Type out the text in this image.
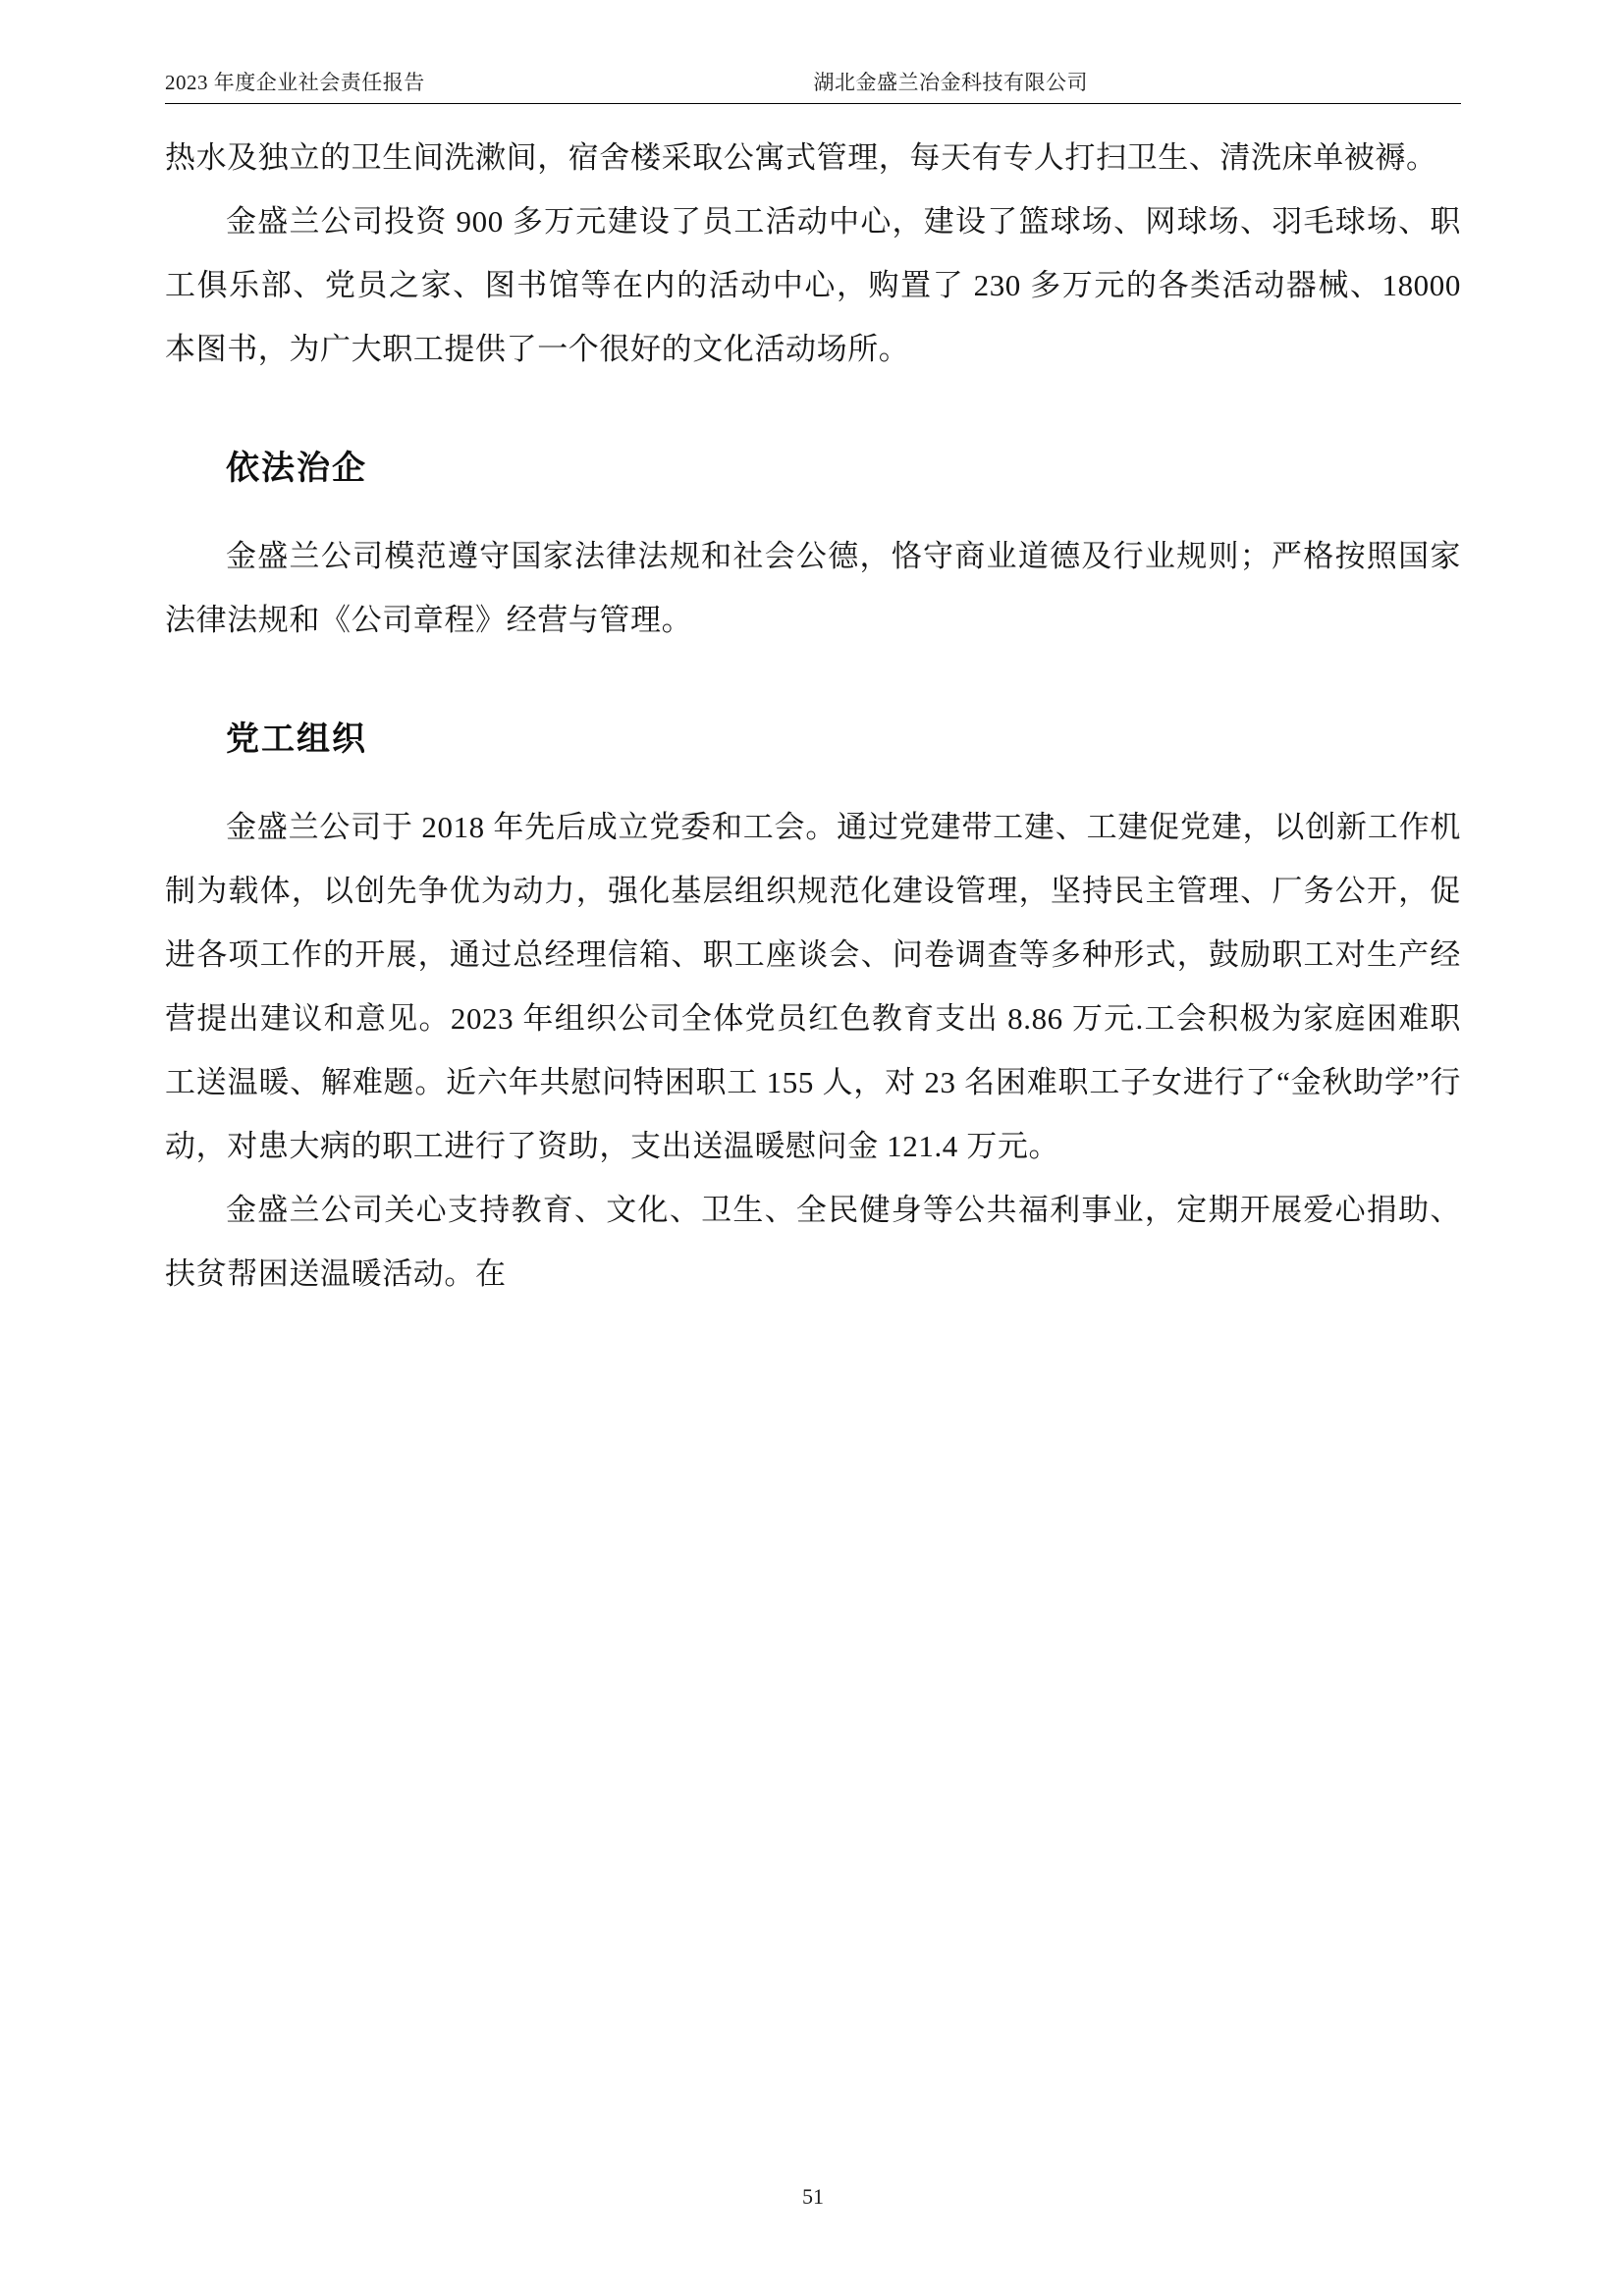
2023 年度企业社会责任报告	湖北金盛兰冶金科技有限公司

热水及独立的卫生间洗漱间，宿舍楼采取公寓式管理，每天有专人打扫卫生、清洗床单被褥。

金盛兰公司投资 900 多万元建设了员工活动中心，建设了篮球场、网球场、羽毛球场、职工俱乐部、党员之家、图书馆等在内的活动中心，购置了 230 多万元的各类活动器械、18000 本图书，为广大职工提供了一个很好的文化活动场所。

依法治企

金盛兰公司模范遵守国家法律法规和社会公德，恪守商业道德及行业规则；严格按照国家法律法规和《公司章程》经营与管理。

党工组织

金盛兰公司于 2018 年先后成立党委和工会。通过党建带工建、工建促党建，以创新工作机制为载体，以创先争优为动力，强化基层组织规范化建设管理，坚持民主管理、厂务公开，促进各项工作的开展，通过总经理信箱、职工座谈会、问卷调查等多种形式，鼓励职工对生产经营提出建议和意见。2023 年组织公司全体党员红色教育支出 8.86 万元.工会积极为家庭困难职工送温暖、解难题。近六年共慰问特困职工 155 人，对 23 名困难职工子女进行了“金秋助学”行动，对患大病的职工进行了资助，支出送温暖慰问金 121.4 万元。

金盛兰公司关心支持教育、文化、卫生、全民健身等公共福利事业，定期开展爱心捐助、扶贫帮困送温暖活动。在

51
